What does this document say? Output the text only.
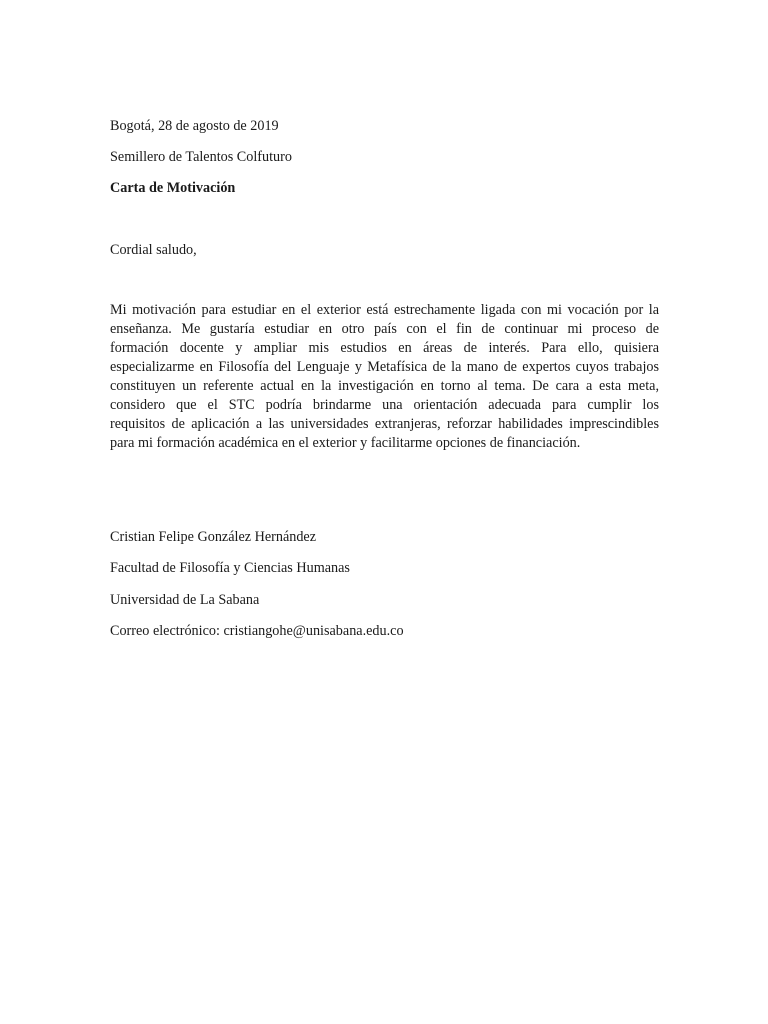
Bogotá, 28 de agosto de 2019
Semillero de Talentos Colfuturo
Carta de Motivación
Cordial saludo,
Mi motivación para estudiar en el exterior está estrechamente ligada con mi vocación por la
enseñanza. Me gustaría estudiar en otro país con el fin de continuar mi proceso de
formación docente y ampliar mis estudios en áreas de interés. Para ello, quisiera
especializarme en Filosofía del Lenguaje y Metafísica de la mano de expertos cuyos trabajos
constituyen un referente actual en la investigación en torno al tema. De cara a esta meta,
considero que el STC podría brindarme una orientación adecuada para cumplir los
requisitos de aplicación a las universidades extranjeras, reforzar habilidades imprescindibles
para mi formación académica en el exterior y facilitarme opciones de financiación.
Cristian Felipe González Hernández
Facultad de Filosofía y Ciencias Humanas
Universidad de La Sabana
Correo electrónico: cristiangohe@unisabana.edu.co
